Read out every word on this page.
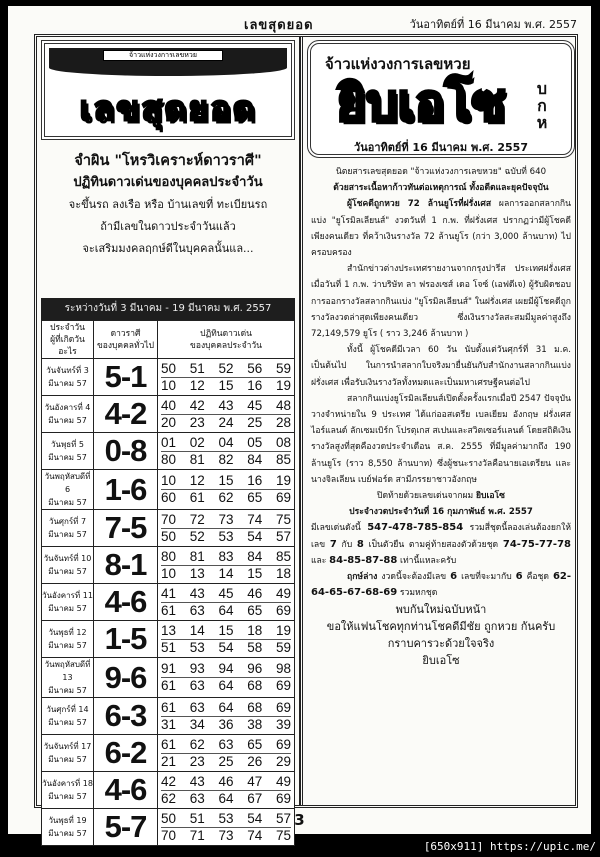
เลขสุดยอด	วันอาทิตย์ที่ 16 มีนาคม พ.ศ. 2557
จ้าวแห่งวงการเลขหวย
เลขสุดยอด
จำผิน "โหรวิเคราะห์ดาวราศี"
ปฏิทินดาวเด่นของบุคคลประจำวัน
จะขึ้นรถ ลงเรือ หรือ บ้านเลขที่ ทะเบียนรถ
ถ้ามีเลขในดาวประจำวันแล้ว
จะเสริมมงคลฤกษ์ดีในบุคคลนั้นแล...
ระหว่างวันที่ 3 มีนาคม - 19 มีนาคม พ.ศ. 2557
ประจำวัน
ผู้ที่เกิดวันอะไร

ดาวราศี
ของบุคคลทั่วไป

ปฏิทินดาวเด่น
ของบุคคลประจำวัน

วันจันทร์ที่ 3
มีนาคม 57	5-1	50 51 52 56 59
10 12 15 16 19

วันอังคารที่ 4
มีนาคม 57	4-2	40 42 43 45 48
20 23 24 25 28

วันพุธที่ 5
มีนาคม 57	0-8	01 02 04 05 08
80 81 82 84 85

วันพฤหัสบดีที่ 6
มีนาคม 57	1-6	10 12 15 16 19
60 61 62 65 69

วันศุกร์ที่ 7
มีนาคม 57	7-5	70 72 73 74 75
50 52 53 54 57

วันจันทร์ที่ 10
มีนาคม 57	8-1	80 81 83 84 85
10 13 14 15 18

วันอังคารที่ 11
มีนาคม 57	4-6	41 43 45 46 49
61 63 64 65 69

วันพุธที่ 12
มีนาคม 57	1-5	13 14 15 18 19
51 53 54 58 59

วันพฤหัสบดีที่ 13
มีนาคม 57	9-6	91 93 94 96 98
61 63 64 68 69

วันศุกร์ที่ 14
มีนาคม 57	6-3	61 63 64 68 69
31 34 36 38 39

วันจันทร์ที่ 17
มีนาคม 57	6-2	61 62 63 65 69
21 23 25 26 29

วันอังคารที่ 18
มีนาคม 57	4-6	42 43 46 47 49
62 63 64 67 69

วันพุธที่ 19
มีนาคม 57	5-7	50 51 53 54 57
70 71 73 74 75
จ้าวแห่งวงการเลขหวย
ยิบเอโซ	บ
ก
ห
วันอาทิตย์ที่ 16 มีนาคม พ.ศ. 2557

นิตยสารเลขสุดยอด "จ้าวแห่งวงการเลขหวย" ฉบับที่ 640

ด้วยสาระเนื้อหาก้าวทันต่อเหตุการณ์ ทั้งอดีตและยุคปัจจุบัน

ผู้โชคดีถูกหวย 72 ล้านยูโรที่ฝรั่งเศส ผลการออกสลากกินแบ่ง "ยูโรมิลเลียนส์" งวดวันที่ 1 ก.พ. ที่ฝรั่งเศส ปรากฏว่ามีผู้โชคดีเพียงคนเดียว ที่คว้าเงินรางวัล 72 ล้านยูโร (กว่า 3,000 ล้านบาท) ไปครอบครอง

สำนักข่าวต่างประเทศรายงานจากกรุงปารีส ประเทศฝรั่งเศส เมื่อวันที่ 1 ก.พ. ว่าบริษัท ลา ฟรองเซส์ เดอ โจซ์ (เอฟดีเจ) ผู้รับผิดชอบการออกรางวัลสลากกินแบ่ง "ยูโรมิลเลียนส์" ในฝรั่งเศส เผยมีผู้โชคดีถูกรางวัลงวดล่าสุดเพียงคนเดียว ซึ่งเงินรางวัลสะสมมีมูลค่าสูงถึง 72,149,579 ยูโร ( ราว 3,246 ล้านบาท )

ทั้งนี้ ผู้โชคดีมีเวลา 60 วัน นับตั้งแต่วันศุกร์ที่ 31 ม.ค. เป็นต้นไป ในการนำสลากใบจริงมายื่นยันกับสำนักงานสลากกินแบ่งฝรั่งเศส เพื่อรับเงินรางวัลทั้งหมดและเป็นมหาเศรษฐีคนต่อไป

สลากกินแบ่งยูโรมิลเลียนส์เปิดตั้งครั้งแรกเมื่อปี 2547 ปัจจุบันวางจำหน่ายใน 9 ประเทศ ได้แก่ออสเตรีย เบลเยียม อังกฤษ ฝรั่งเศส ไอร์แลนด์ ลักเซมเบิร์ก โปรตุเกส สเปนและสวิตเซอร์แลนด์ โดยสถิติเงินรางวัลสูงที่สุดคืองวดประจำเดือน ส.ค. 2555 ที่มีมูลค่ามากถึง 190 ล้านยูโร (ราว 8,550 ล้านบาท) ซึ่งผู้ชนะรางวัลคือนายเอเดรียน และนางจิลเลียน เบย์ฟอร์ด สามีภรรยาชาวอังกฤษ

ปิดท้ายด้วยเลขเด่นจากผม ยิบเอโซ

ประจำงวดประจำวันที่ 16 กุมภาพันธ์ พ.ศ. 2557

มีเลขเด่นดังนี้ 547-478-785-854 รวมสี่ชุดนี้ลองเล่นต้องยกให้เลข 7 กับ 8 เป็นตัวยืน ตามคู่ท้ายสองตัวด้วยชุด 74-75-77-78 และ 84-85-87-88 เท่านี้แหละครับ

ฤกษ์ล่าง งวดนี้จะต้องมีเลข 6 เลขที่จะมากับ 6 คือชุด 62-64-65-67-68-69 รวมหกชุด

พบกันใหม่ฉบับหน้า
ขอให้แฟนโชคทุกท่านโชคดีมีชัย ถูกหวย กันครับ
กราบคารวะด้วยใจจริง
ยิบเอโซ
3
[650x911] https://upic.me/
